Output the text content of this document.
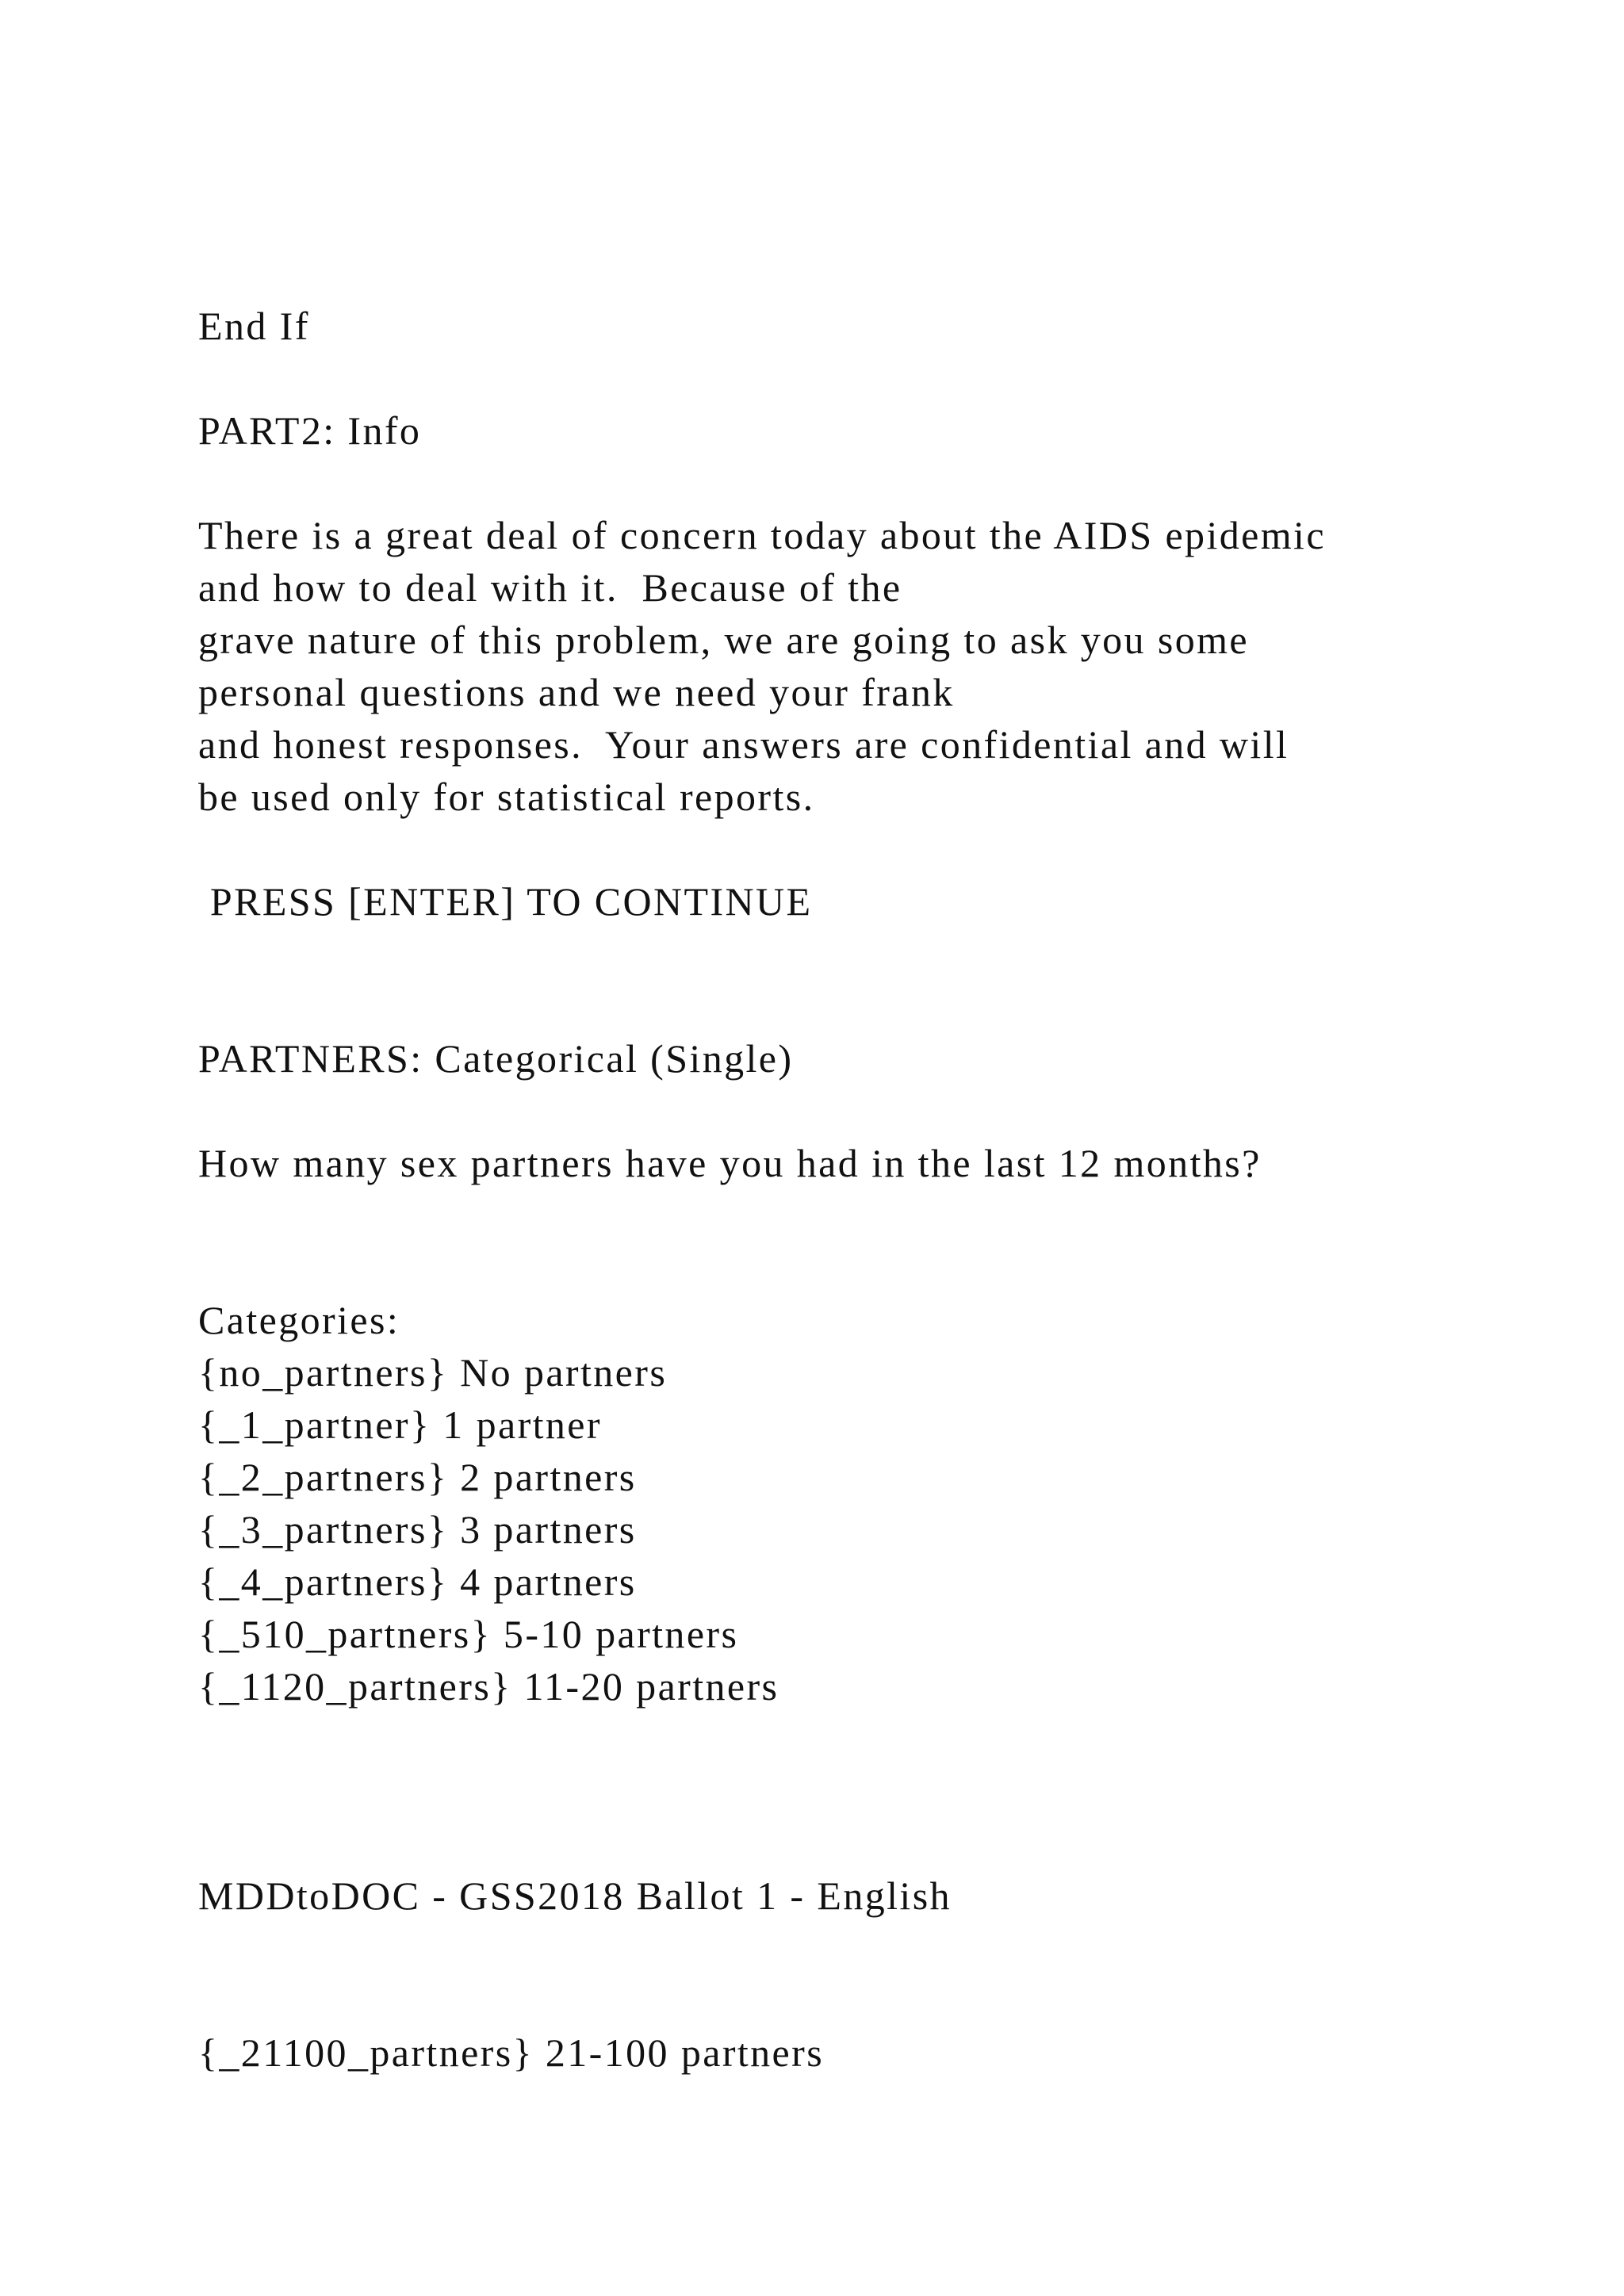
End If
PART2: Info
There is a great deal of concern today about the AIDS epidemic
and how to deal with it.  Because of the
grave nature of this problem, we are going to ask you some
personal questions and we need your frank
and honest responses.  Your answers are confidential and will
be used only for statistical reports.
PRESS [ENTER] TO CONTINUE
PARTNERS: Categorical (Single)
How many sex partners have you had in the last 12 months?
Categories:
{no_partners} No partners
{_1_partner} 1 partner
{_2_partners} 2 partners
{_3_partners} 3 partners
{_4_partners} 4 partners
{_510_partners} 5-10 partners
{_1120_partners} 11-20 partners
MDDtoDOC - GSS2018 Ballot 1 - English
{_21100_partners} 21-100 partners
